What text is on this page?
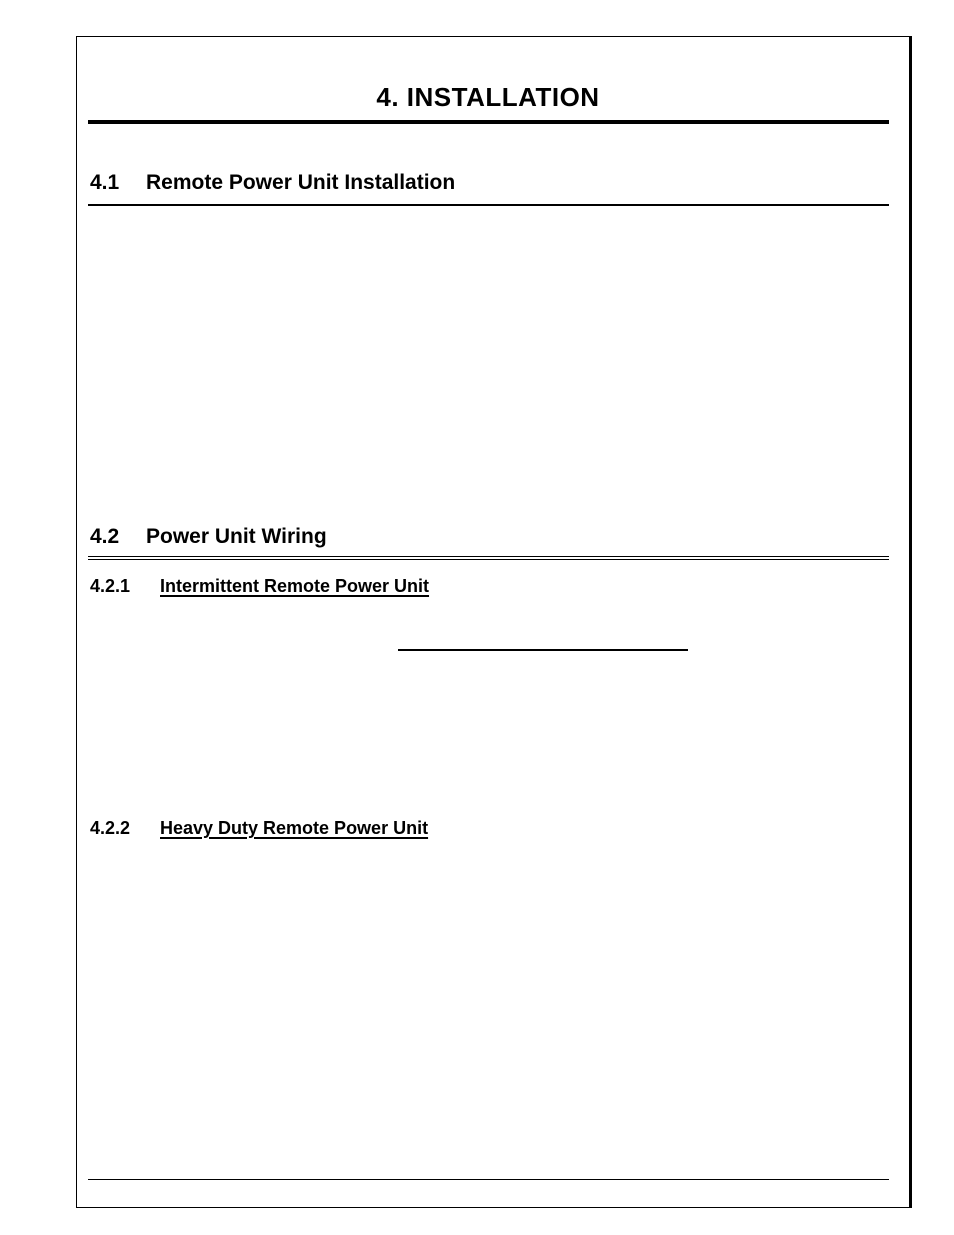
4. INSTALLATION
4.1 Remote Power Unit Installation
4.2 Power Unit Wiring
4.2.1 Intermittent Remote Power Unit
4.2.2 Heavy Duty Remote Power Unit
